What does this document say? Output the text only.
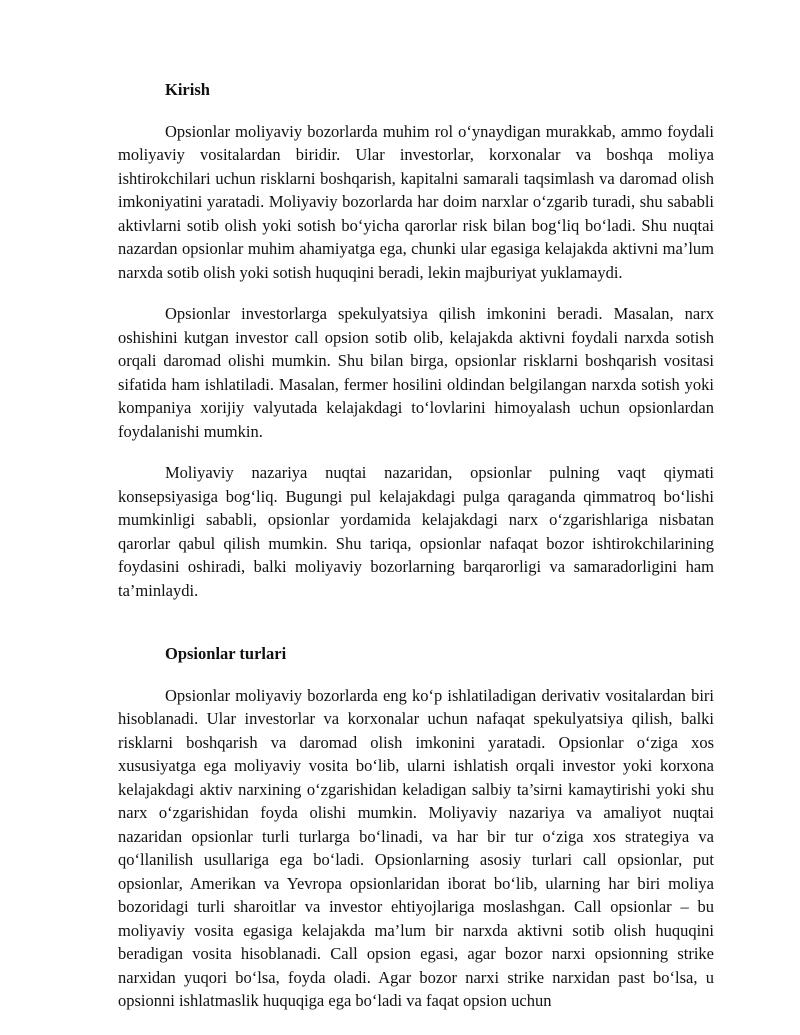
Kirish

Opsionlar moliyaviy bozorlarda muhim rol o‘ynaydigan murakkab, ammo foydali moliyaviy vositalardan biridir. Ular investorlar, korxonalar va boshqa moliya ishtirokchilari uchun risklarni boshqarish, kapitalni samarali taqsimlash va daromad olish imkoniyatini yaratadi. Moliyaviy bozorlarda har doim narxlar o‘zgarib turadi, shu sababli aktivlarni sotib olish yoki sotish bo‘yicha qarorlar risk bilan bog‘liq bo‘ladi. Shu nuqtai nazardan opsionlar muhim ahamiyatga ega, chunki ular egasiga kelajakda aktivni ma’lum narxda sotib olish yoki sotish huquqini beradi, lekin majburiyat yuklamaydi.

Opsionlar investorlarga spekulyatsiya qilish imkonini beradi. Masalan, narx oshishini kutgan investor call opsion sotib olib, kelajakda aktivni foydali narxda sotish orqali daromad olishi mumkin. Shu bilan birga, opsionlar risklarni boshqarish vositasi sifatida ham ishlatiladi. Masalan, fermer hosilini oldindan belgilangan narxda sotish yoki kompaniya xorijiy valyutada kelajakdagi to‘lovlarini himoyalash uchun opsionlardan foydalanishi mumkin.

Moliyaviy nazariya nuqtai nazaridan, opsionlar pulning vaqt qiymati konsepsiyasiga bog‘liq. Bugungi pul kelajakdagi pulga qaraganda qimmatroq bo‘lishi mumkinligi sababli, opsionlar yordamida kelajakdagi narx o‘zgarishlariga nisbatan qarorlar qabul qilish mumkin. Shu tariqa, opsionlar nafaqat bozor ishtirokchilarining foydasini oshiradi, balki moliyaviy bozorlarning barqarorligi va samaradorligini ham ta’minlaydi.

Opsionlar turlari

Opsionlar moliyaviy bozorlarda eng ko‘p ishlatiladigan derivativ vositalardan biri hisoblanadi. Ular investorlar va korxonalar uchun nafaqat spekulyatsiya qilish, balki risklarni boshqarish va daromad olish imkonini yaratadi. Opsionlar o‘ziga xos xususiyatga ega moliyaviy vosita bo‘lib, ularni ishlatish orqali investor yoki korxona kelajakdagi aktiv narxining o‘zgarishidan keladigan salbiy ta’sirni kamaytirishi yoki shu narx o‘zgarishidan foyda olishi mumkin. Moliyaviy nazariya va amaliyot nuqtai nazaridan opsionlar turli turlarga bo‘linadi, va har bir tur o‘ziga xos strategiya va qo‘llanilish usullariga ega bo‘ladi. Opsionlarning asosiy turlari call opsionlar, put opsionlar, Amerikan va Yevropa opsionlaridan iborat bo‘lib, ularning har biri moliya bozoridagi turli sharoitlar va investor ehtiyojlariga moslashgan. Call opsionlar – bu moliyaviy vosita egasiga kelajakda ma’lum bir narxda aktivni sotib olish huquqini beradigan vosita hisoblanadi. Call opsion egasi, agar bozor narxi opsionning strike narxidan yuqori bo‘lsa, foyda oladi. Agar bozor narxi strike narxidan past bo‘lsa, u opsionni ishlatmaslik huquqiga ega bo‘ladi va faqat opsion uchun
